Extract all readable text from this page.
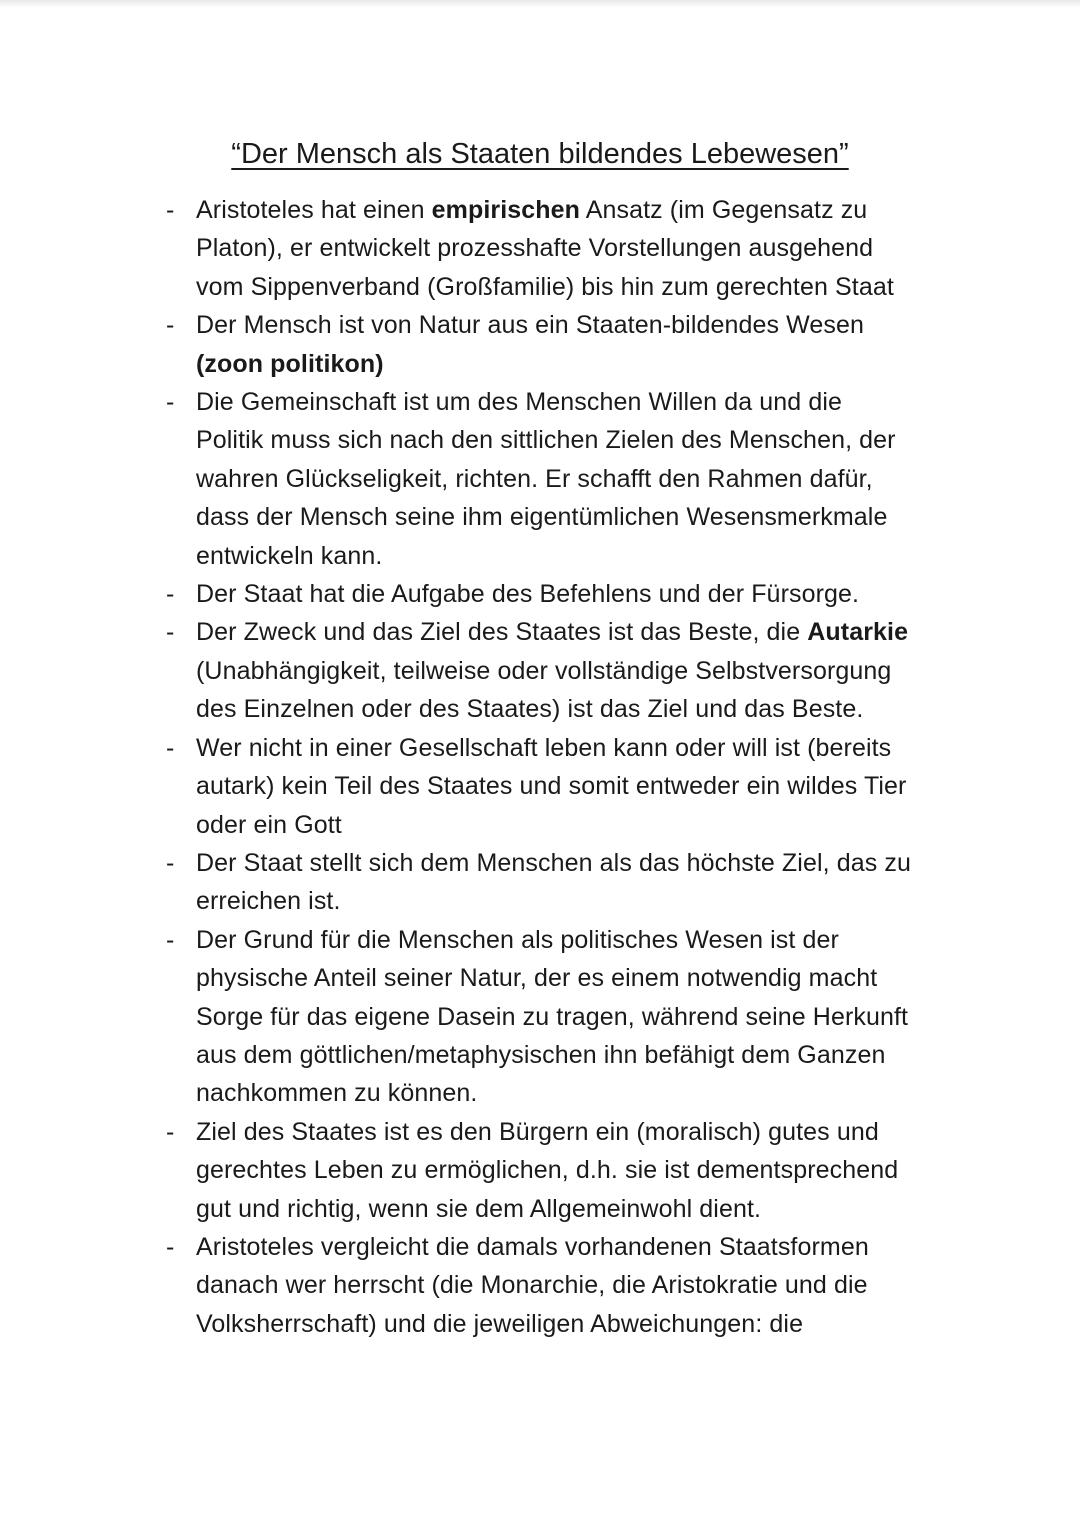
“Der Mensch als Staaten bildendes Lebewesen”
- Aristoteles hat einen empirischen Ansatz (im Gegensatz zu
Platon), er entwickelt prozesshafte Vorstellungen ausgehend
vom Sippenverband (Großfamilie) bis hin zum gerechten Staat
- Der Mensch ist von Natur aus ein Staaten-bildendes Wesen
(zoon politikon)
- Die Gemeinschaft ist um des Menschen Willen da und die
Politik muss sich nach den sittlichen Zielen des Menschen, der
wahren Glückseligkeit, richten. Er schafft den Rahmen dafür,
dass der Mensch seine ihm eigentümlichen Wesensmerkmale
entwickeln kann.
- Der Staat hat die Aufgabe des Befehlens und der Fürsorge.
- Der Zweck und das Ziel des Staates ist das Beste, die Autarkie
(Unabhängigkeit, teilweise oder vollständige Selbstversorgung
des Einzelnen oder des Staates) ist das Ziel und das Beste.
- Wer nicht in einer Gesellschaft leben kann oder will ist (bereits
autark) kein Teil des Staates und somit entweder ein wildes Tier
oder ein Gott
- Der Staat stellt sich dem Menschen als das höchste Ziel, das zu
erreichen ist.
- Der Grund für die Menschen als politisches Wesen ist der
physische Anteil seiner Natur, der es einem notwendig macht
Sorge für das eigene Dasein zu tragen, während seine Herkunft
aus dem göttlichen/metaphysischen ihn befähigt dem Ganzen
nachkommen zu können.
- Ziel des Staates ist es den Bürgern ein (moralisch) gutes und
gerechtes Leben zu ermöglichen, d.h. sie ist dementsprechend
gut und richtig, wenn sie dem Allgemeinwohl dient.
- Aristoteles vergleicht die damals vorhandenen Staatsformen
danach wer herrscht (die Monarchie, die Aristokratie und die
Volksherrschaft) und die jeweiligen Abweichungen: die
